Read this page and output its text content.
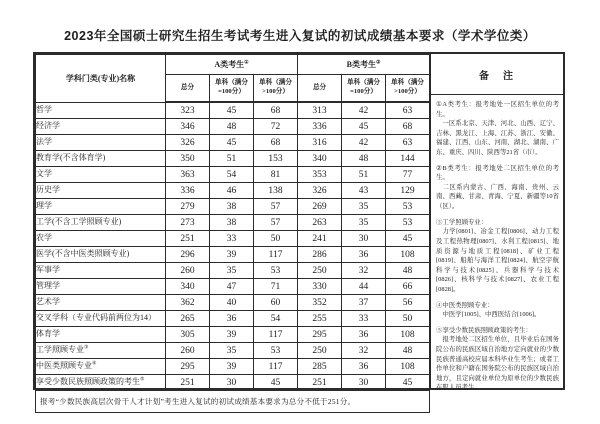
2023年全国硕士研究生招生考试考生进入复试的初试成绩基本要求（学术学位类）
学科门类(专业)名称	A类考生①			B类考生②
	总分	单科（满分=100分）	单科（满分>100分）	总分	单科（满分=100分）	单科（满分>100分）
哲学	323	45	68	313	42	63
经济学	346	48	72	336	45	68
法学	326	45	68	316	42	63
教育学(不含体育学)	350	51	153	340	48	144
文学	363	54	81	353	51	77
历史学	336	46	138	326	43	129
理学	279	38	57	269	35	53
工学(不含工学照顾专业)	273	38	57	263	35	53
农学	251	33	50	241	30	45
医学(不含中医类照顾专业)	296	39	117	286	36	108
军事学	260	35	53	250	32	48
管理学	340	47	71	330	44	66
艺术学	362	40	60	352	37	56
交叉学科（专业代码前两位为14）	265	36	54	255	33	50
体育学	305	39	117	295	36	108
工学照顾专业③	260	35	53	250	32	48
中医类照顾专业④	295	39	117	285	36	108
享受少数民族照顾政策的考生⑤	251	30	45	251	30	45
报考“少数民族高层次骨干人才计划”考生进入复试的初试成绩基本要求为总分不低于251分。						
备　注

①A类考生：报考地处一区招生单位的考生。

一区系北京、天津、河北、山西、辽宁、吉林、黑龙江、上海、江苏、浙江、安徽、福建、江西、山东、河南、湖北、湖南、广东、重庆、四川、陕西等21省（市）。

②B类考生：报考地处二区招生单位的考生。

二区系内蒙古、广西、海南、贵州、云南、西藏、甘肃、青海、宁夏、新疆等10省（区）。

③工学照顾专业：

力学[0801]、冶金工程[0806]、动力工程及工程热物理[0807]、水利工程[0815]、地质资源与地质工程[0818]、矿业工程[0819]、船舶与海洋工程[0824]、航空宇航科学与技术[0825]、兵器科学与技术[0826]、核科学与技术[0827]、农业工程[0828]。

④中医类照顾专业：

中医学[1005]、中西医结合[1006]。

⑤享受少数民族照顾政策的考生：

报考地处二区招生单位，且毕业后在国务院公布的民族区域自治地方定向就业的少数民族普通高校应届本科毕业生考生；或者工作单位和户籍在国务院公布的民族区域自治地方，且定向就业单位为原单位的少数民族在职人员考生。
